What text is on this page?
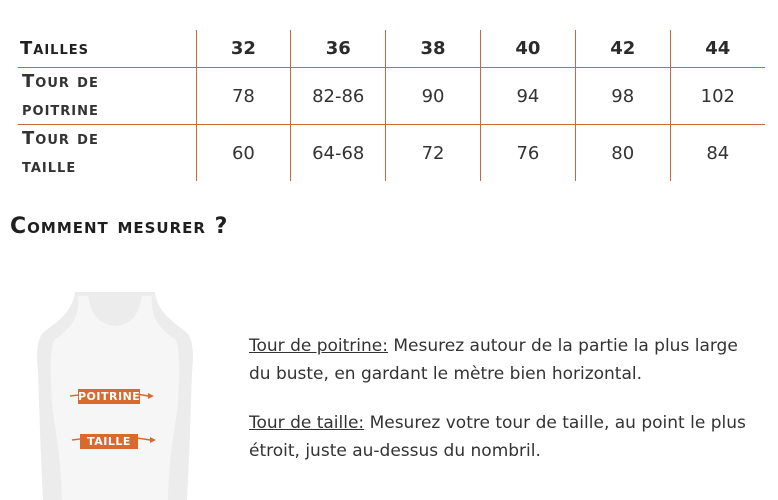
Tailles	32	36	38	40	42	44
Tour de
poitrine	78	82-86	90	94	98	102
Tour de
taille	60	64-68	72	76	80	84
Comment mesurer ?
POITRINE
TAILLE

Tour de poitrine: Mesurez autour de la partie la plus large du buste, en gardant le mètre bien horizontal.

Tour de taille: Mesurez votre tour de taille, au point le plus étroit, juste au-dessus du nombril.
